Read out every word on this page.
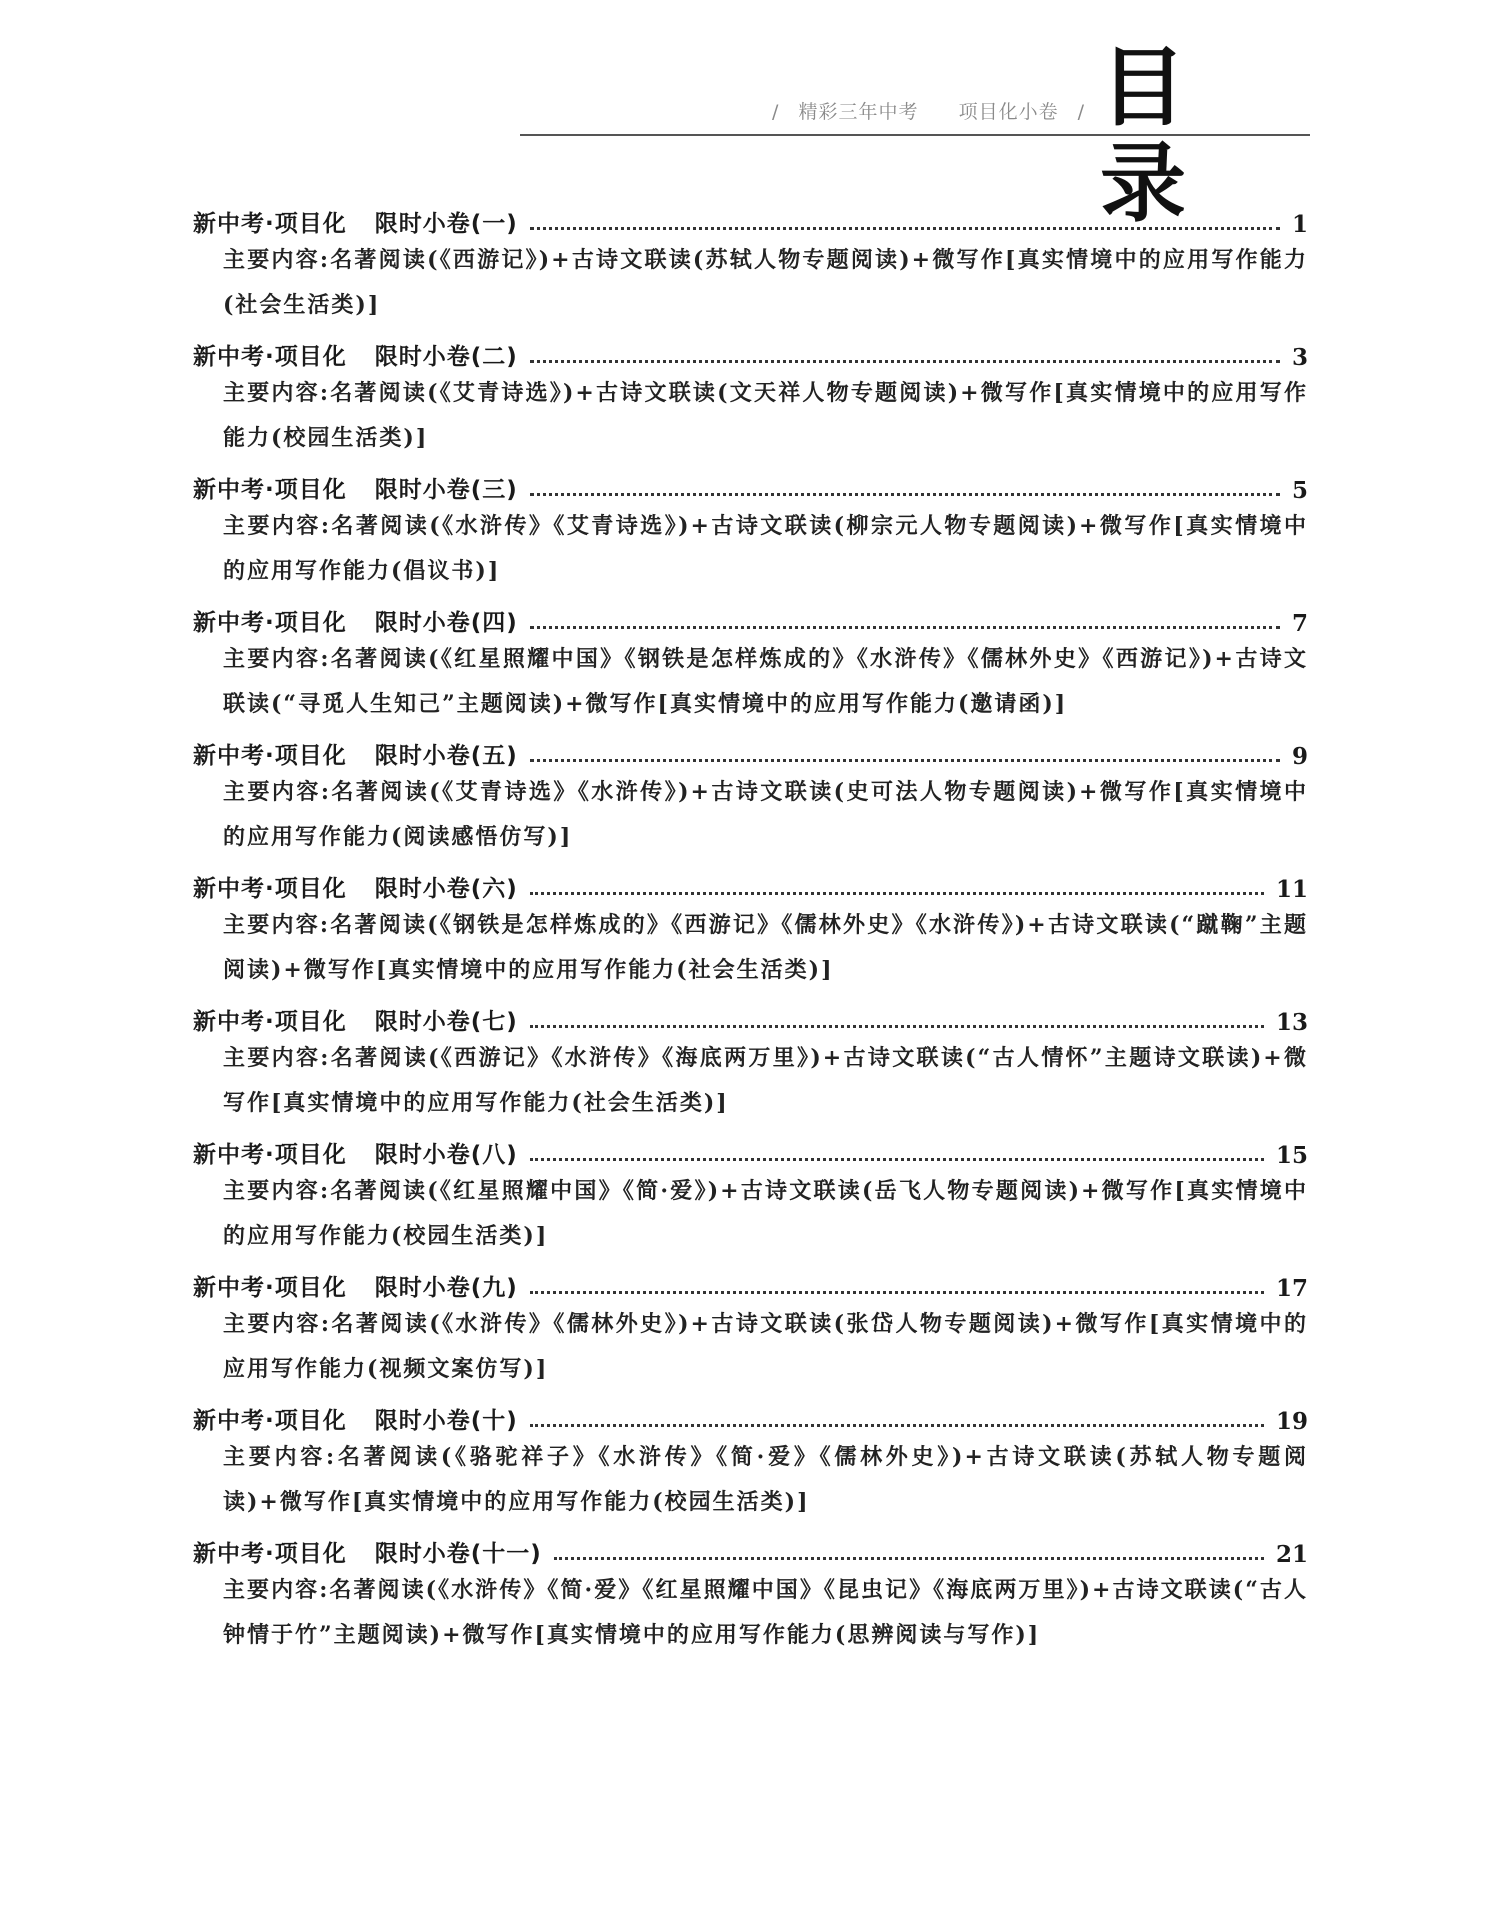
/ 精彩三年中考 项目化小卷 / 目录
新中考·项目化 限时小卷(一)	1
主要内容:名著阅读(《西游记》)+古诗文联读(苏轼人物专题阅读)+微写作[真实情境中的应用写作能力(社会生活类)]
新中考·项目化 限时小卷(二)	3
主要内容:名著阅读(《艾青诗选》)+古诗文联读(文天祥人物专题阅读)+微写作[真实情境中的应用写作能力(校园生活类)]
新中考·项目化 限时小卷(三)	5
主要内容:名著阅读(《水浒传》《艾青诗选》)+古诗文联读(柳宗元人物专题阅读)+微写作[真实情境中的应用写作能力(倡议书)]
新中考·项目化 限时小卷(四)	7
主要内容:名著阅读(《红星照耀中国》《钢铁是怎样炼成的》《水浒传》《儒林外史》《西游记》)+古诗文联读(“寻觅人生知己”主题阅读)+微写作[真实情境中的应用写作能力(邀请函)]
新中考·项目化 限时小卷(五)	9
主要内容:名著阅读(《艾青诗选》《水浒传》)+古诗文联读(史可法人物专题阅读)+微写作[真实情境中的应用写作能力(阅读感悟仿写)]
新中考·项目化 限时小卷(六)	11
主要内容:名著阅读(《钢铁是怎样炼成的》《西游记》《儒林外史》《水浒传》)+古诗文联读(“蹴鞠”主题阅读)+微写作[真实情境中的应用写作能力(社会生活类)]
新中考·项目化 限时小卷(七)	13
主要内容:名著阅读(《西游记》《水浒传》《海底两万里》)+古诗文联读(“古人情怀”主题诗文联读)+微写作[真实情境中的应用写作能力(社会生活类)]
新中考·项目化 限时小卷(八)	15
主要内容:名著阅读(《红星照耀中国》《简·爱》)+古诗文联读(岳飞人物专题阅读)+微写作[真实情境中的应用写作能力(校园生活类)]
新中考·项目化 限时小卷(九)	17
主要内容:名著阅读(《水浒传》《儒林外史》)+古诗文联读(张岱人物专题阅读)+微写作[真实情境中的应用写作能力(视频文案仿写)]
新中考·项目化 限时小卷(十)	19
主要内容:名著阅读(《骆驼祥子》《水浒传》《简·爱》《儒林外史》)+古诗文联读(苏轼人物专题阅读)+微写作[真实情境中的应用写作能力(校园生活类)]
新中考·项目化 限时小卷(十一)	21
主要内容:名著阅读(《水浒传》《简·爱》《红星照耀中国》《昆虫记》《海底两万里》)+古诗文联读(“古人钟情于竹”主题阅读)+微写作[真实情境中的应用写作能力(思辨阅读与写作)]
